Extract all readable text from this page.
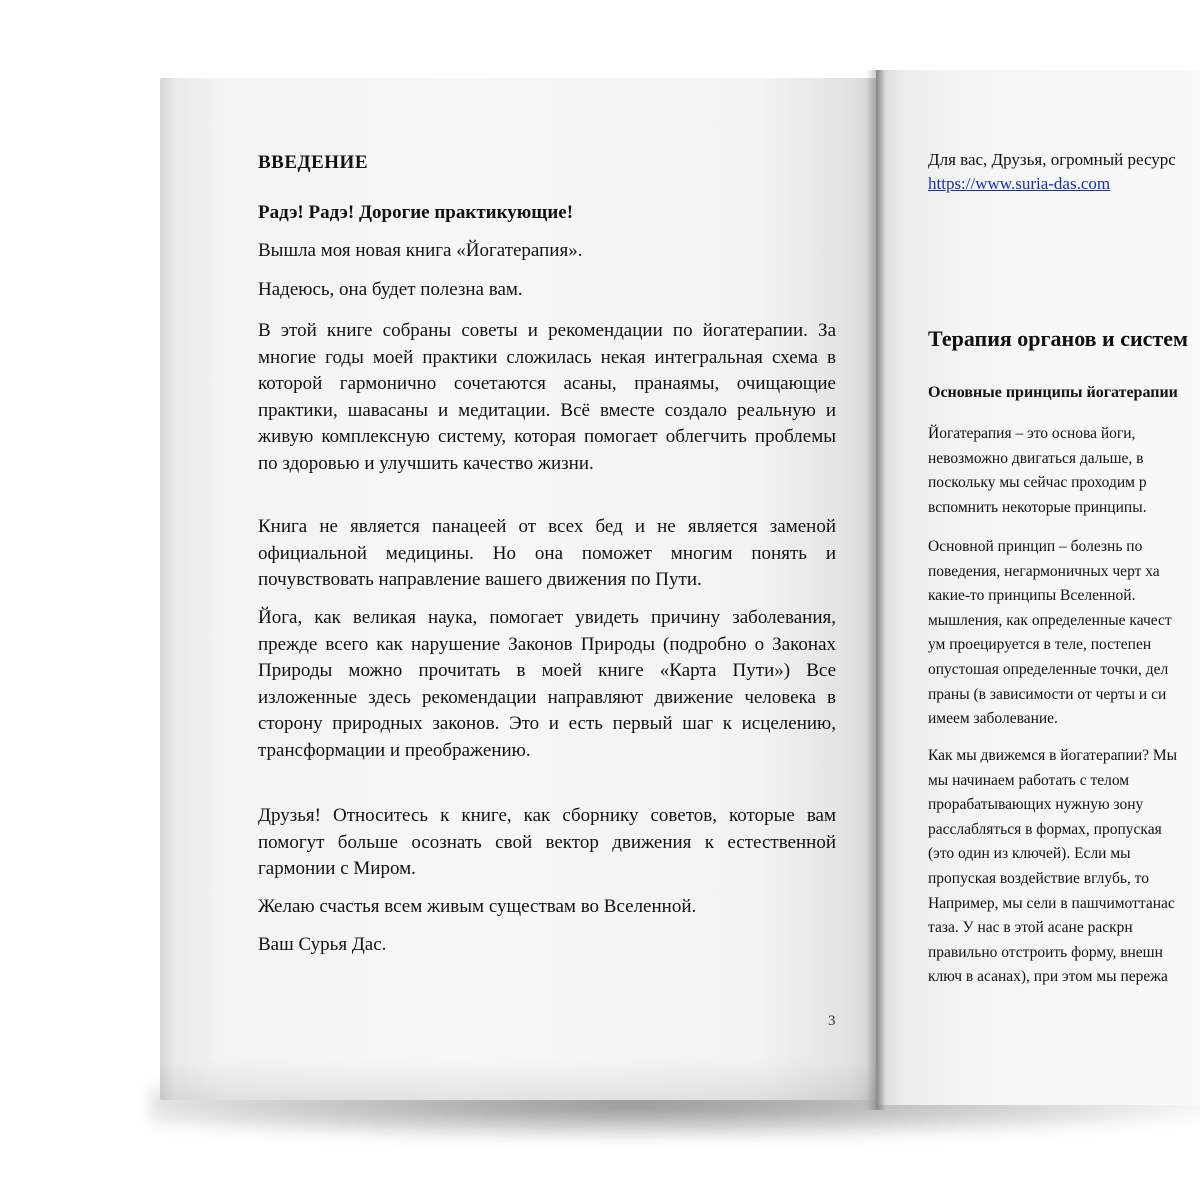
ВВЕДЕНИЕ
Радэ! Радэ! Дорогие практикующие!
Вышла моя новая книга «Йогатерапия».
Надеюсь, она будет полезна вам.
В этой книге собраны советы и рекомендации по йогатерапии. За многие годы моей практики сложилась некая интегральная схема в которой гармонично сочетаются асаны, пранаямы, очищающие практики, шавасаны и медитации. Всё вместе создало реальную и живую комплексную систему, которая помогает облегчить проблемы по здоровью и улучшить качество жизни.
Книга не является панацеей от всех бед и не является заменой официальной медицины. Но она поможет многим понять и почувствовать направление вашего движения по Пути.
Йога, как великая наука, помогает увидеть причину заболевания, прежде всего как нарушение Законов Природы (подробно о Законах Природы можно прочитать в моей книге «Карта Пути») Все изложенные здесь рекомендации направляют движение человека в сторону природных законов. Это и есть первый шаг к исцелению, трансформации и преображению.
Друзья! Относитесь к книге, как сборнику советов, которые вам помогут больше осознать свой вектор движения к естественной гармонии с Миром.
Желаю счастья всем живым существам во Вселенной.
Ваш Сурья Дас.
3
Для вас, Друзья, огромный ресурс
https://www.suria-das.com
Терапия органов и систем
Основные принципы йогатерапии
Йогатерапия – это основа йоги,
невозможно двигаться дальше, в
поскольку мы сейчас проходим р
вспомнить некоторые принципы.
Основной принцип – болезнь по
поведения, негармоничных черт ха
какие-то принципы Вселенной.
мышления, как определенные качест
ум проецируется в теле, постепен
опустошая определенные точки, дел
праны (в зависимости от черты и си
имеем заболевание.
Как мы движемся в йогатерапии? Мы
мы начинаем работать с телом
прорабатывающих нужную зону
расслабляться в формах, пропуская
(это один из ключей). Если мы
пропуская воздействие вглубь, то
Например, мы сели в пашчимоттанас
таза. У нас в этой асане раскрн
правильно отстроить форму, внешн
ключ в асанах), при этом мы пережа
